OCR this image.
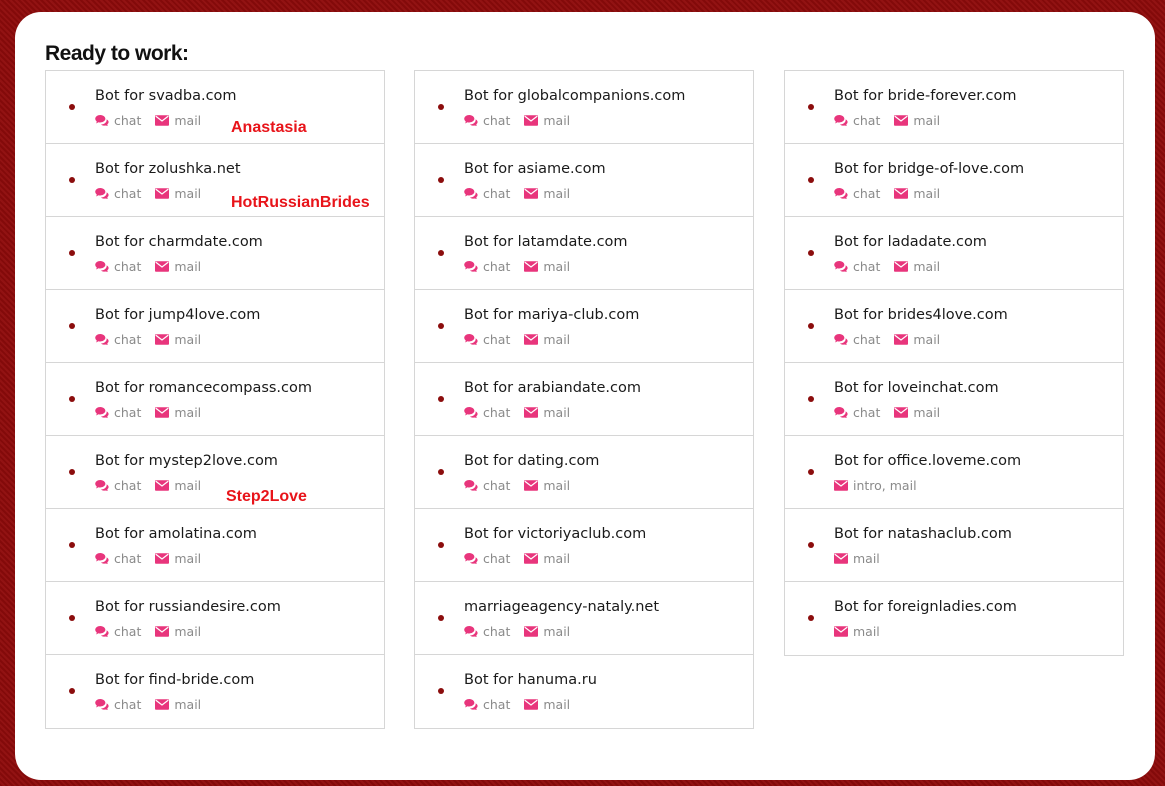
Ready to work:
Bot for svadba.com
chat	mail
Bot for zolushka.net
chat	mail
Bot for charmdate.com
chat	mail
Bot for jump4love.com
chat	mail
Bot for romancecompass.com
chat	mail
Bot for mystep2love.com
chat	mail
Bot for amolatina.com
chat	mail
Bot for russiandesire.com
chat	mail
Bot for find-bride.com
chat	mail
Bot for globalcompanions.com
chat	mail
Bot for asiame.com
chat	mail
Bot for latamdate.com
chat	mail
Bot for mariya-club.com
chat	mail
Bot for arabiandate.com
chat	mail
Bot for dating.com
chat	mail
Bot for victoriyaclub.com
chat	mail
marriageagency-nataly.net
chat	mail
Bot for hanuma.ru
chat	mail
Bot for bride-forever.com
chat	mail
Bot for bridge-of-love.com
chat	mail
Bot for ladadate.com
chat	mail
Bot for brides4love.com
chat	mail
Bot for loveinchat.com
chat	mail
Bot for office.loveme.com
intro, mail
Bot for natashaclub.com
mail
Bot for foreignladies.com
mail
Anastasia
HotRussianBrides
Step2Love
